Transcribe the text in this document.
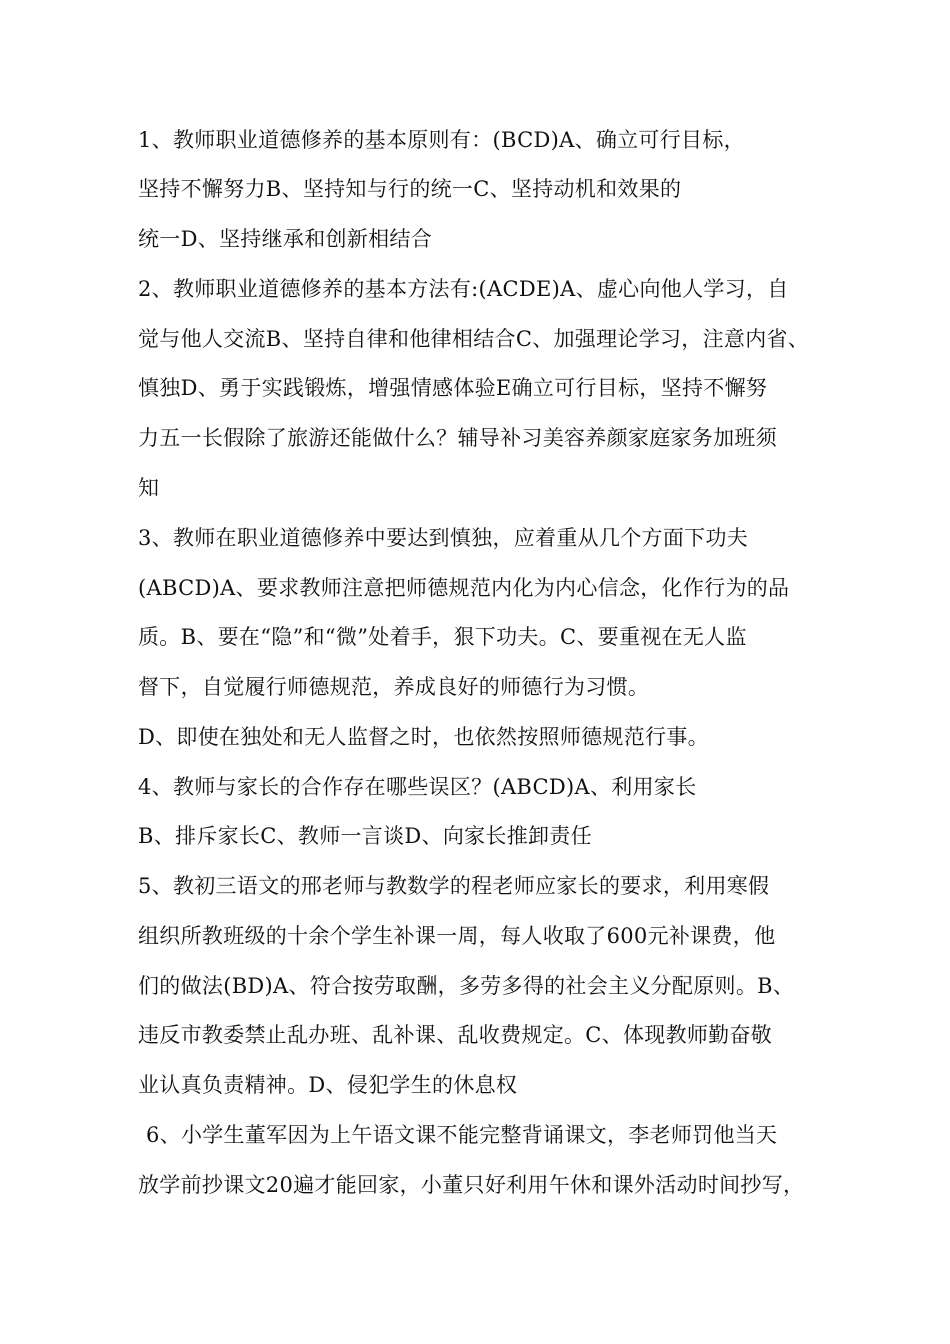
1、教师职业道德修养的基本原则有：(BCD)A、确立可行目标，
坚持不懈努力B、坚持知与行的统一C、坚持动机和效果的
统一D、坚持继承和创新相结合
2、教师职业道德修养的基本方法有:(ACDE)A、虚心向他人学习，自
觉与他人交流B、坚持自律和他律相结合C、加强理论学习，注意内省、
慎独D、勇于实践锻炼，增强情感体验E确立可行目标，坚持不懈努
力五一长假除了旅游还能做什么？辅导补习美容养颜家庭家务加班须
知
3、教师在职业道德修养中要达到慎独，应着重从几个方面下功夫
(ABCD)A、要求教师注意把师德规范内化为内心信念，化作行为的品
质。B、要在“隐”和“微”处着手，狠下功夫。C、要重视在无人监
督下，自觉履行师德规范，养成良好的师德行为习惯。
D、即使在独处和无人监督之时，也依然按照师德规范行事。
4、教师与家长的合作存在哪些误区？(ABCD)A、利用家长
B、排斥家长C、教师一言谈D、向家长推卸责任
5、教初三语文的邢老师与教数学的程老师应家长的要求，利用寒假
组织所教班级的十余个学生补课一周，每人收取了600元补课费，他
们的做法(BD)A、符合按劳取酬，多劳多得的社会主义分配原则。B、
违反市教委禁止乱办班、乱补课、乱收费规定。C、体现教师勤奋敬
业认真负责精神。D、侵犯学生的休息权
6、小学生董军因为上午语文课不能完整背诵课文，李老师罚他当天
放学前抄课文20遍才能回家，小董只好利用午休和课外活动时间抄写，
